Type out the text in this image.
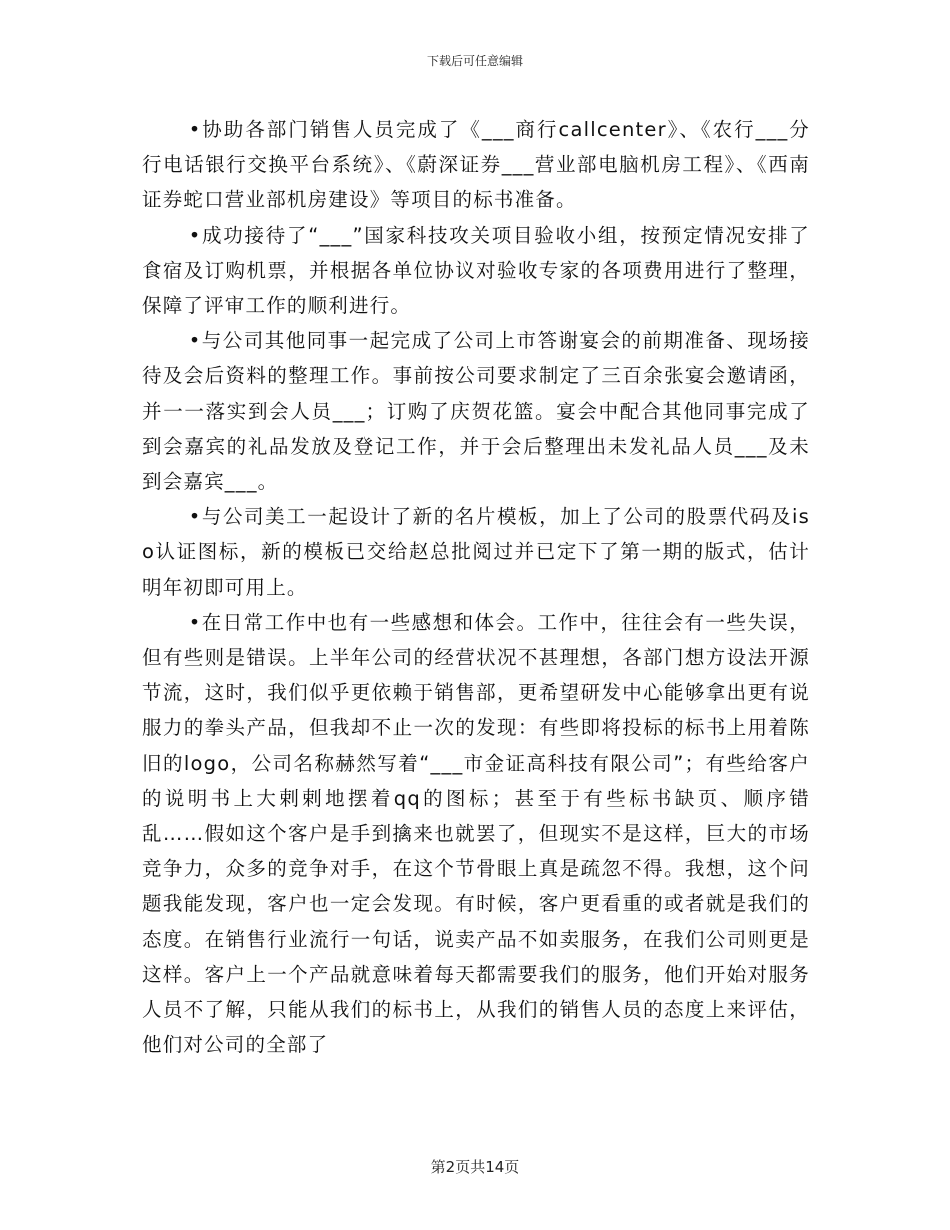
下载后可任意编辑

•协助各部门销售人员完成了《___商行callcenter》、《农行___分行电话银行交换平台系统》、《蔚深证券___营业部电脑机房工程》、《西南证券蛇口营业部机房建设》等项目的标书准备。

•成功接待了“___”国家科技攻关项目验收小组，按预定情况安排了食宿及订购机票，并根据各单位协议对验收专家的各项费用进行了整理，保障了评审工作的顺利进行。

•与公司其他同事一起完成了公司上市答谢宴会的前期准备、现场接待及会后资料的整理工作。事前按公司要求制定了三百余张宴会邀请函，并一一落实到会人员___；订购了庆贺花篮。宴会中配合其他同事完成了到会嘉宾的礼品发放及登记工作，并于会后整理出未发礼品人员___及未到会嘉宾___。

•与公司美工一起设计了新的名片模板，加上了公司的股票代码及iso认证图标，新的模板已交给赵总批阅过并已定下了第一期的版式，估计明年初即可用上。

•在日常工作中也有一些感想和体会。工作中，往往会有一些失误，但有些则是错误。上半年公司的经营状况不甚理想，各部门想方设法开源节流，这时，我们似乎更依赖于销售部，更希望研发中心能够拿出更有说服力的拳头产品，但我却不止一次的发现：有些即将投标的标书上用着陈旧的logo，公司名称赫然写着“___市金证高科技有限公司”；有些给客户的说明书上大剌剌地摆着qq的图标；甚至于有些标书缺页、顺序错乱……假如这个客户是手到擒来也就罢了，但现实不是这样，巨大的市场竞争力，众多的竞争对手，在这个节骨眼上真是疏忽不得。我想，这个问题我能发现，客户也一定会发现。有时候，客户更看重的或者就是我们的态度。在销售行业流行一句话，说卖产品不如卖服务，在我们公司则更是这样。客户上一个产品就意味着每天都需要我们的服务，他们开始对服务人员不了解，只能从我们的标书上，从我们的销售人员的态度上来评估，他们对公司的全部了

第2页共14页
